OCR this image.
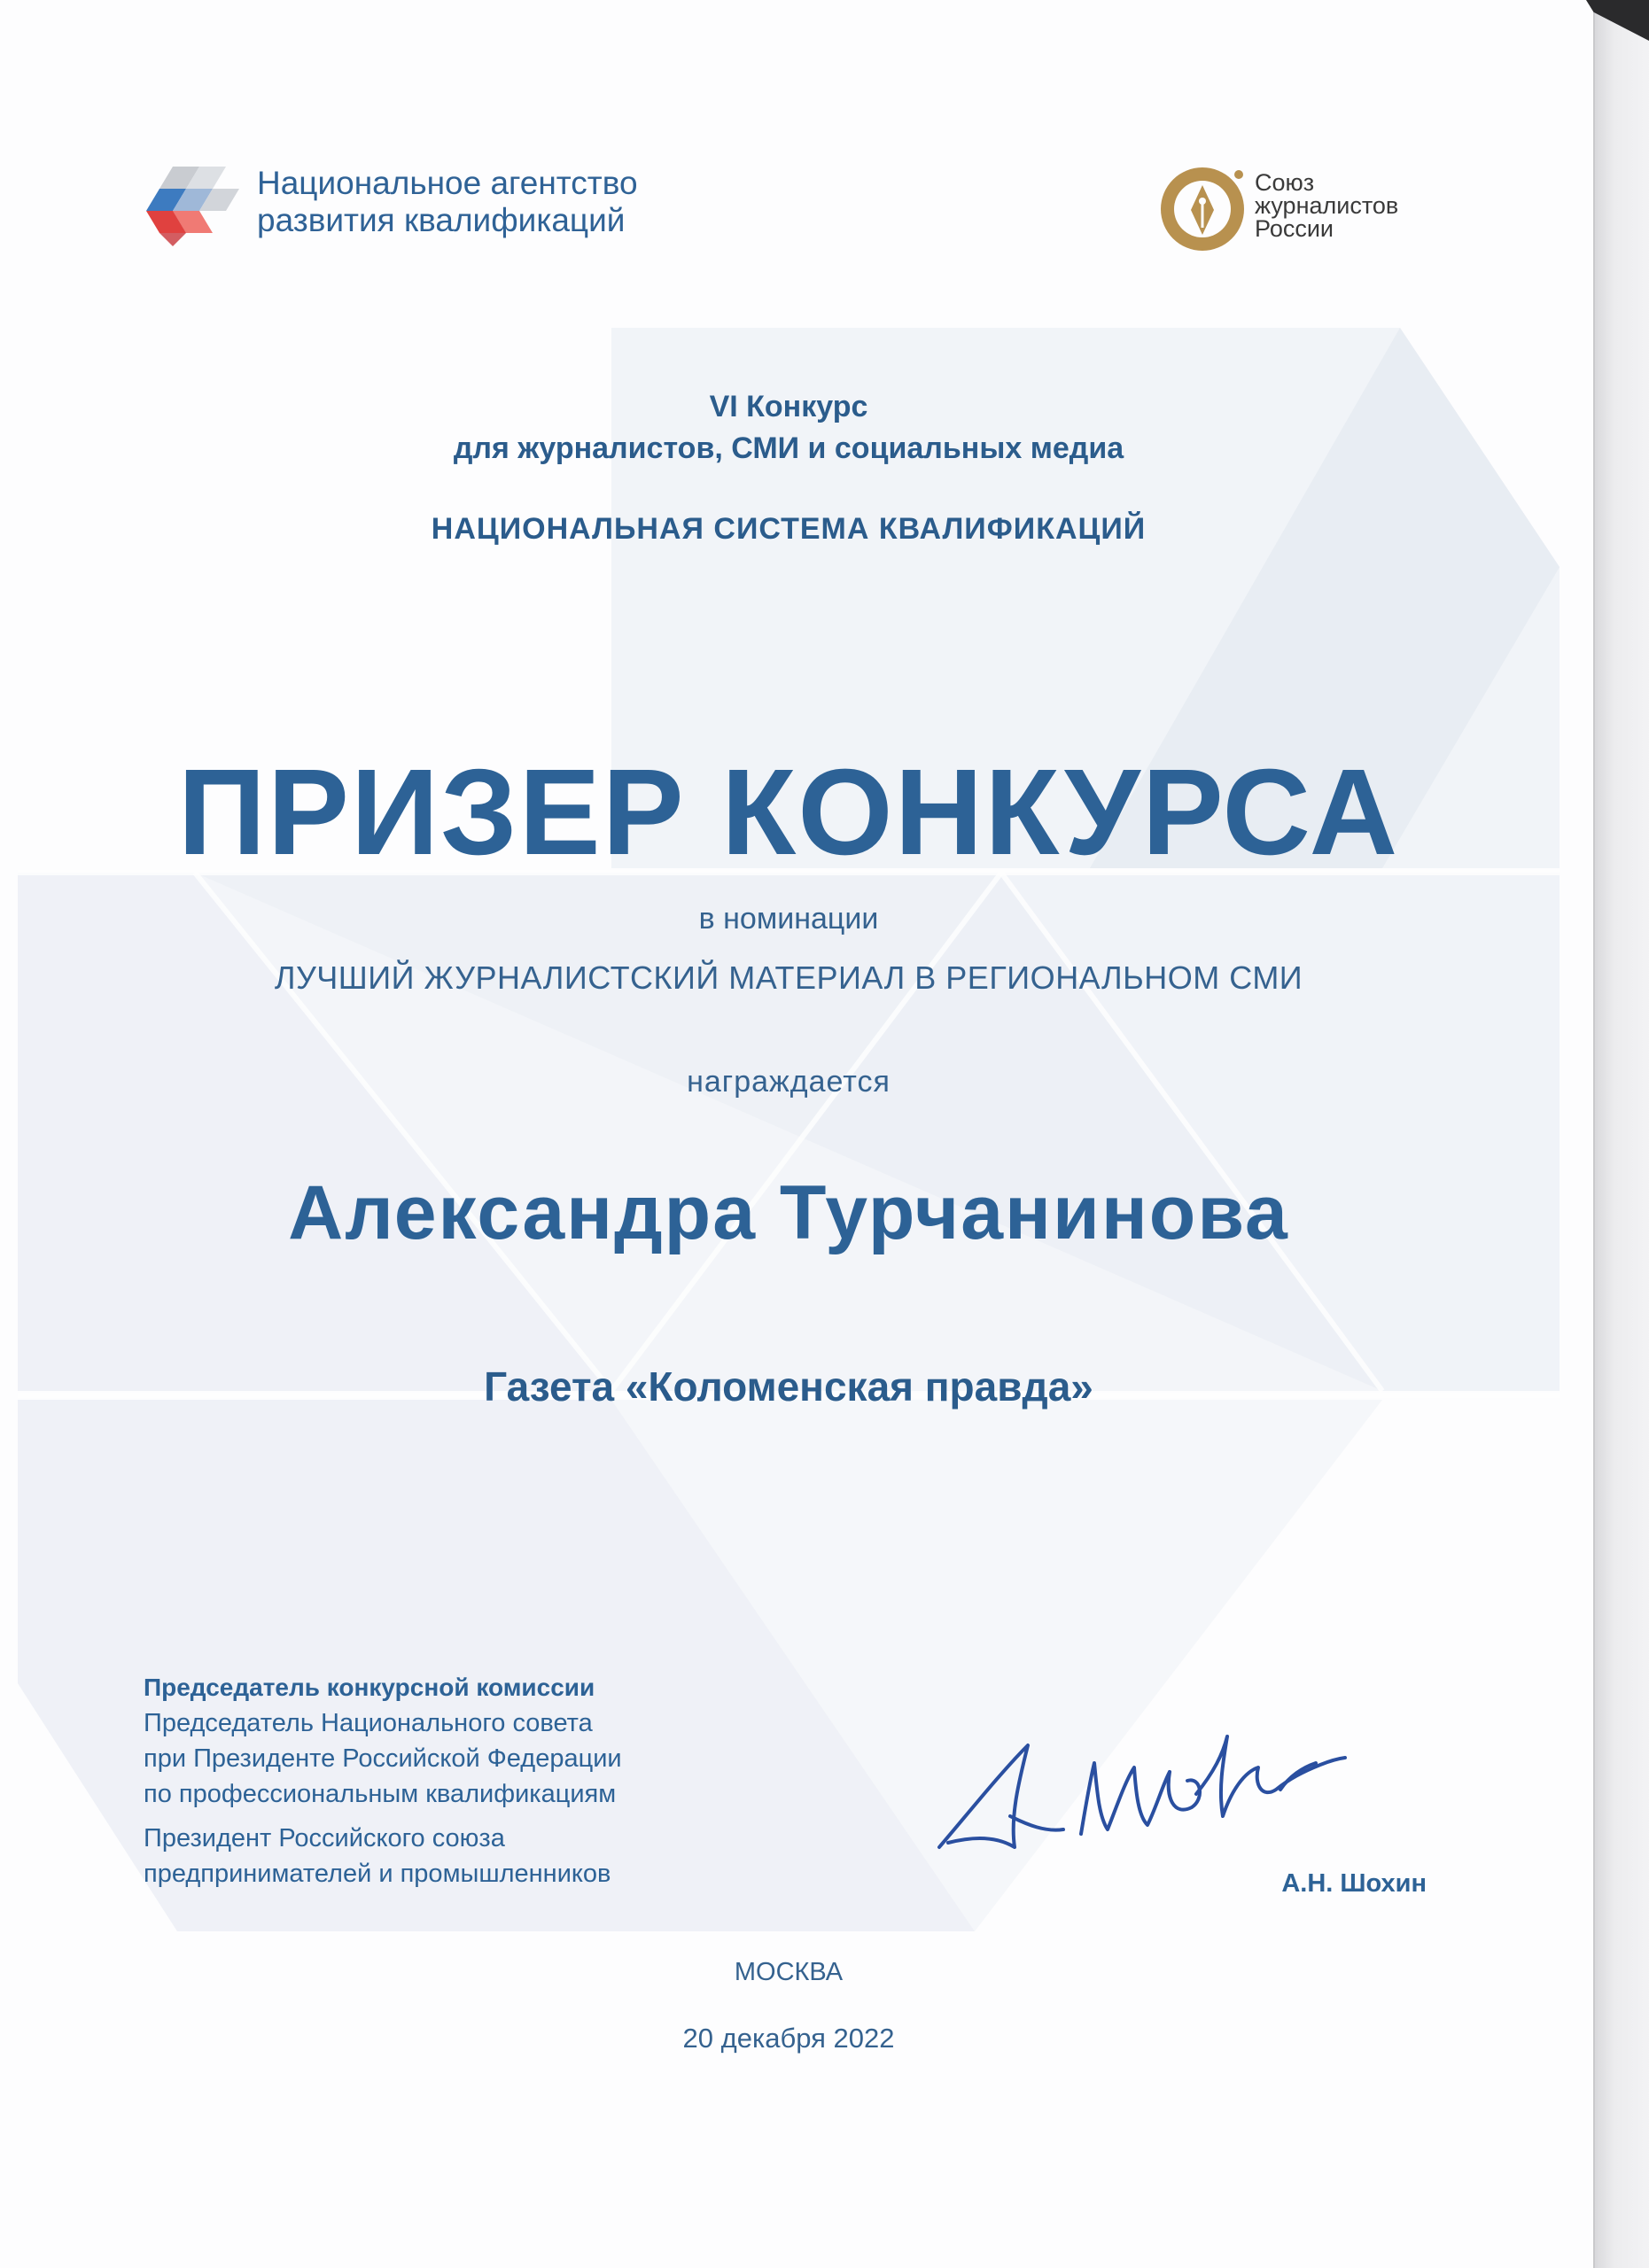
Национальное агентство
развития квалификаций
Союз
журналистов
России
VI Конкурс
для журналистов, СМИ и социальных медиа
НАЦИОНАЛЬНАЯ СИСТЕМА КВАЛИФИКАЦИЙ
ПРИЗЕР КОНКУРСА
в номинации
ЛУЧШИЙ ЖУРНАЛИСТСКИЙ МАТЕРИАЛ В РЕГИОНАЛЬНОМ СМИ
награждается
Александра Турчанинова
Газета «Коломенская правда»
Председатель конкурсной комиссии
Председатель Национального совета
при Президенте Российской Федерации
по профессиональным квалификациям
Президент Российского союза
предпринимателей и промышленников	А.Н. Шохин
МОСКВА
20 декабря 2022
